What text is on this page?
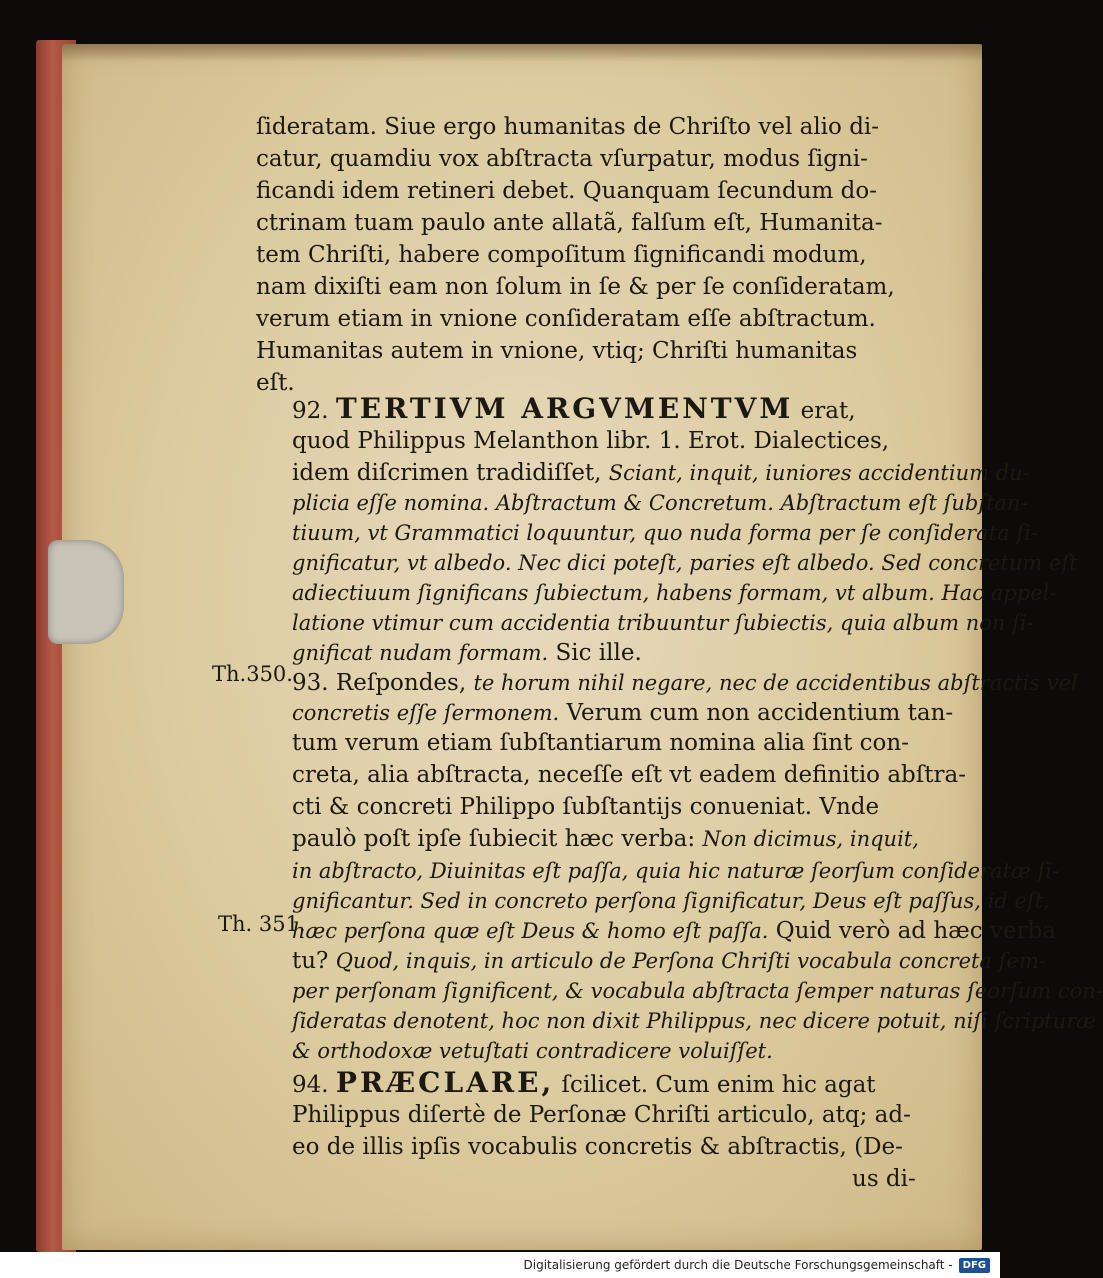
ſideratam. Siue ergo humanitas de Chriſto vel alio di-
catur, quamdiu vox abſtracta vſurpatur, modus ſigni-
ficandi idem retineri debet. Quanquam ſecundum do-
ctrinam tuam paulo ante allatã, falſum eſt, Humanita-
tem Chriſti, habere compoſitum ſignificandi modum,
nam dixiſti eam non ſolum in ſe & per ſe conſideratam,
verum etiam in vnione conſideratam eſſe abſtractum.
Humanitas autem in vnione, vtiq; Chriſti humanitas
eſt.
92. TERTIVM ARGVMENTVM erat,
quod Philippus Melanthon libr. 1. Erot. Dialectices,
idem diſcrimen tradidiſſet, Sciant, inquit, iuniores accidentium du-
plicia eſſe nomina. Abſtractum & Concretum. Abſtractum eſt ſubſtan-
tiuum, vt Grammatici loquuntur, quo nuda forma per ſe conſiderata ſi-
gnificatur, vt albedo. Nec dici poteſt, paries eſt albedo. Sed concretum eſt
adiectiuum ſignificans ſubiectum, habens formam, vt album. Hac appel-
latione vtimur cum accidentia tribuuntur ſubiectis, quia album non ſi-
gnificat nudam formam. Sic ille.
93. Reſpondes, te horum nihil negare, nec de accidentibus abſtractis vel
concretis eſſe ſermonem. Verum cum non accidentium tan-
tum verum etiam ſubſtantiarum nomina alia ſint con-
creta, alia abſtracta, neceſſe eſt vt eadem definitio abſtra-
cti & concreti Philippo ſubſtantijs conueniat. Vnde
paulò poſt ipſe ſubiecit hæc verba: Non dicimus, inquit,
in abſtracto, Diuinitas eſt paſſa, quia hic naturæ ſeorſum conſideratæ ſi-
gnificantur. Sed in concreto perſona ſignificatur, Deus eſt paſſus, id eſt,
hæc perſona quæ eſt Deus & homo eſt paſſa. Quid verò ad hæc verba
tu? Quod, inquis, in articulo de Perſona Chriſti vocabula concreta ſem-
per perſonam ſignificent, & vocabula abſtracta ſemper naturas ſeorſum con-
ſideratas denotent, hoc non dixit Philippus, nec dicere potuit, niſi ſcripturæ
& orthodoxæ vetuſtati contradicere voluiſſet.
94. PRÆCLARE, ſcilicet. Cum enim hic agat
Philippus diſertè de Perſonæ Chriſti articulo, atq; ad-
eo de illis ipſis vocabulis concretis & abſtractis, (De-
us di-
Th.350.
Th. 351.
Digitalisierung gefördert durch die Deutsche Forschungsgemeinschaft -	DFG
